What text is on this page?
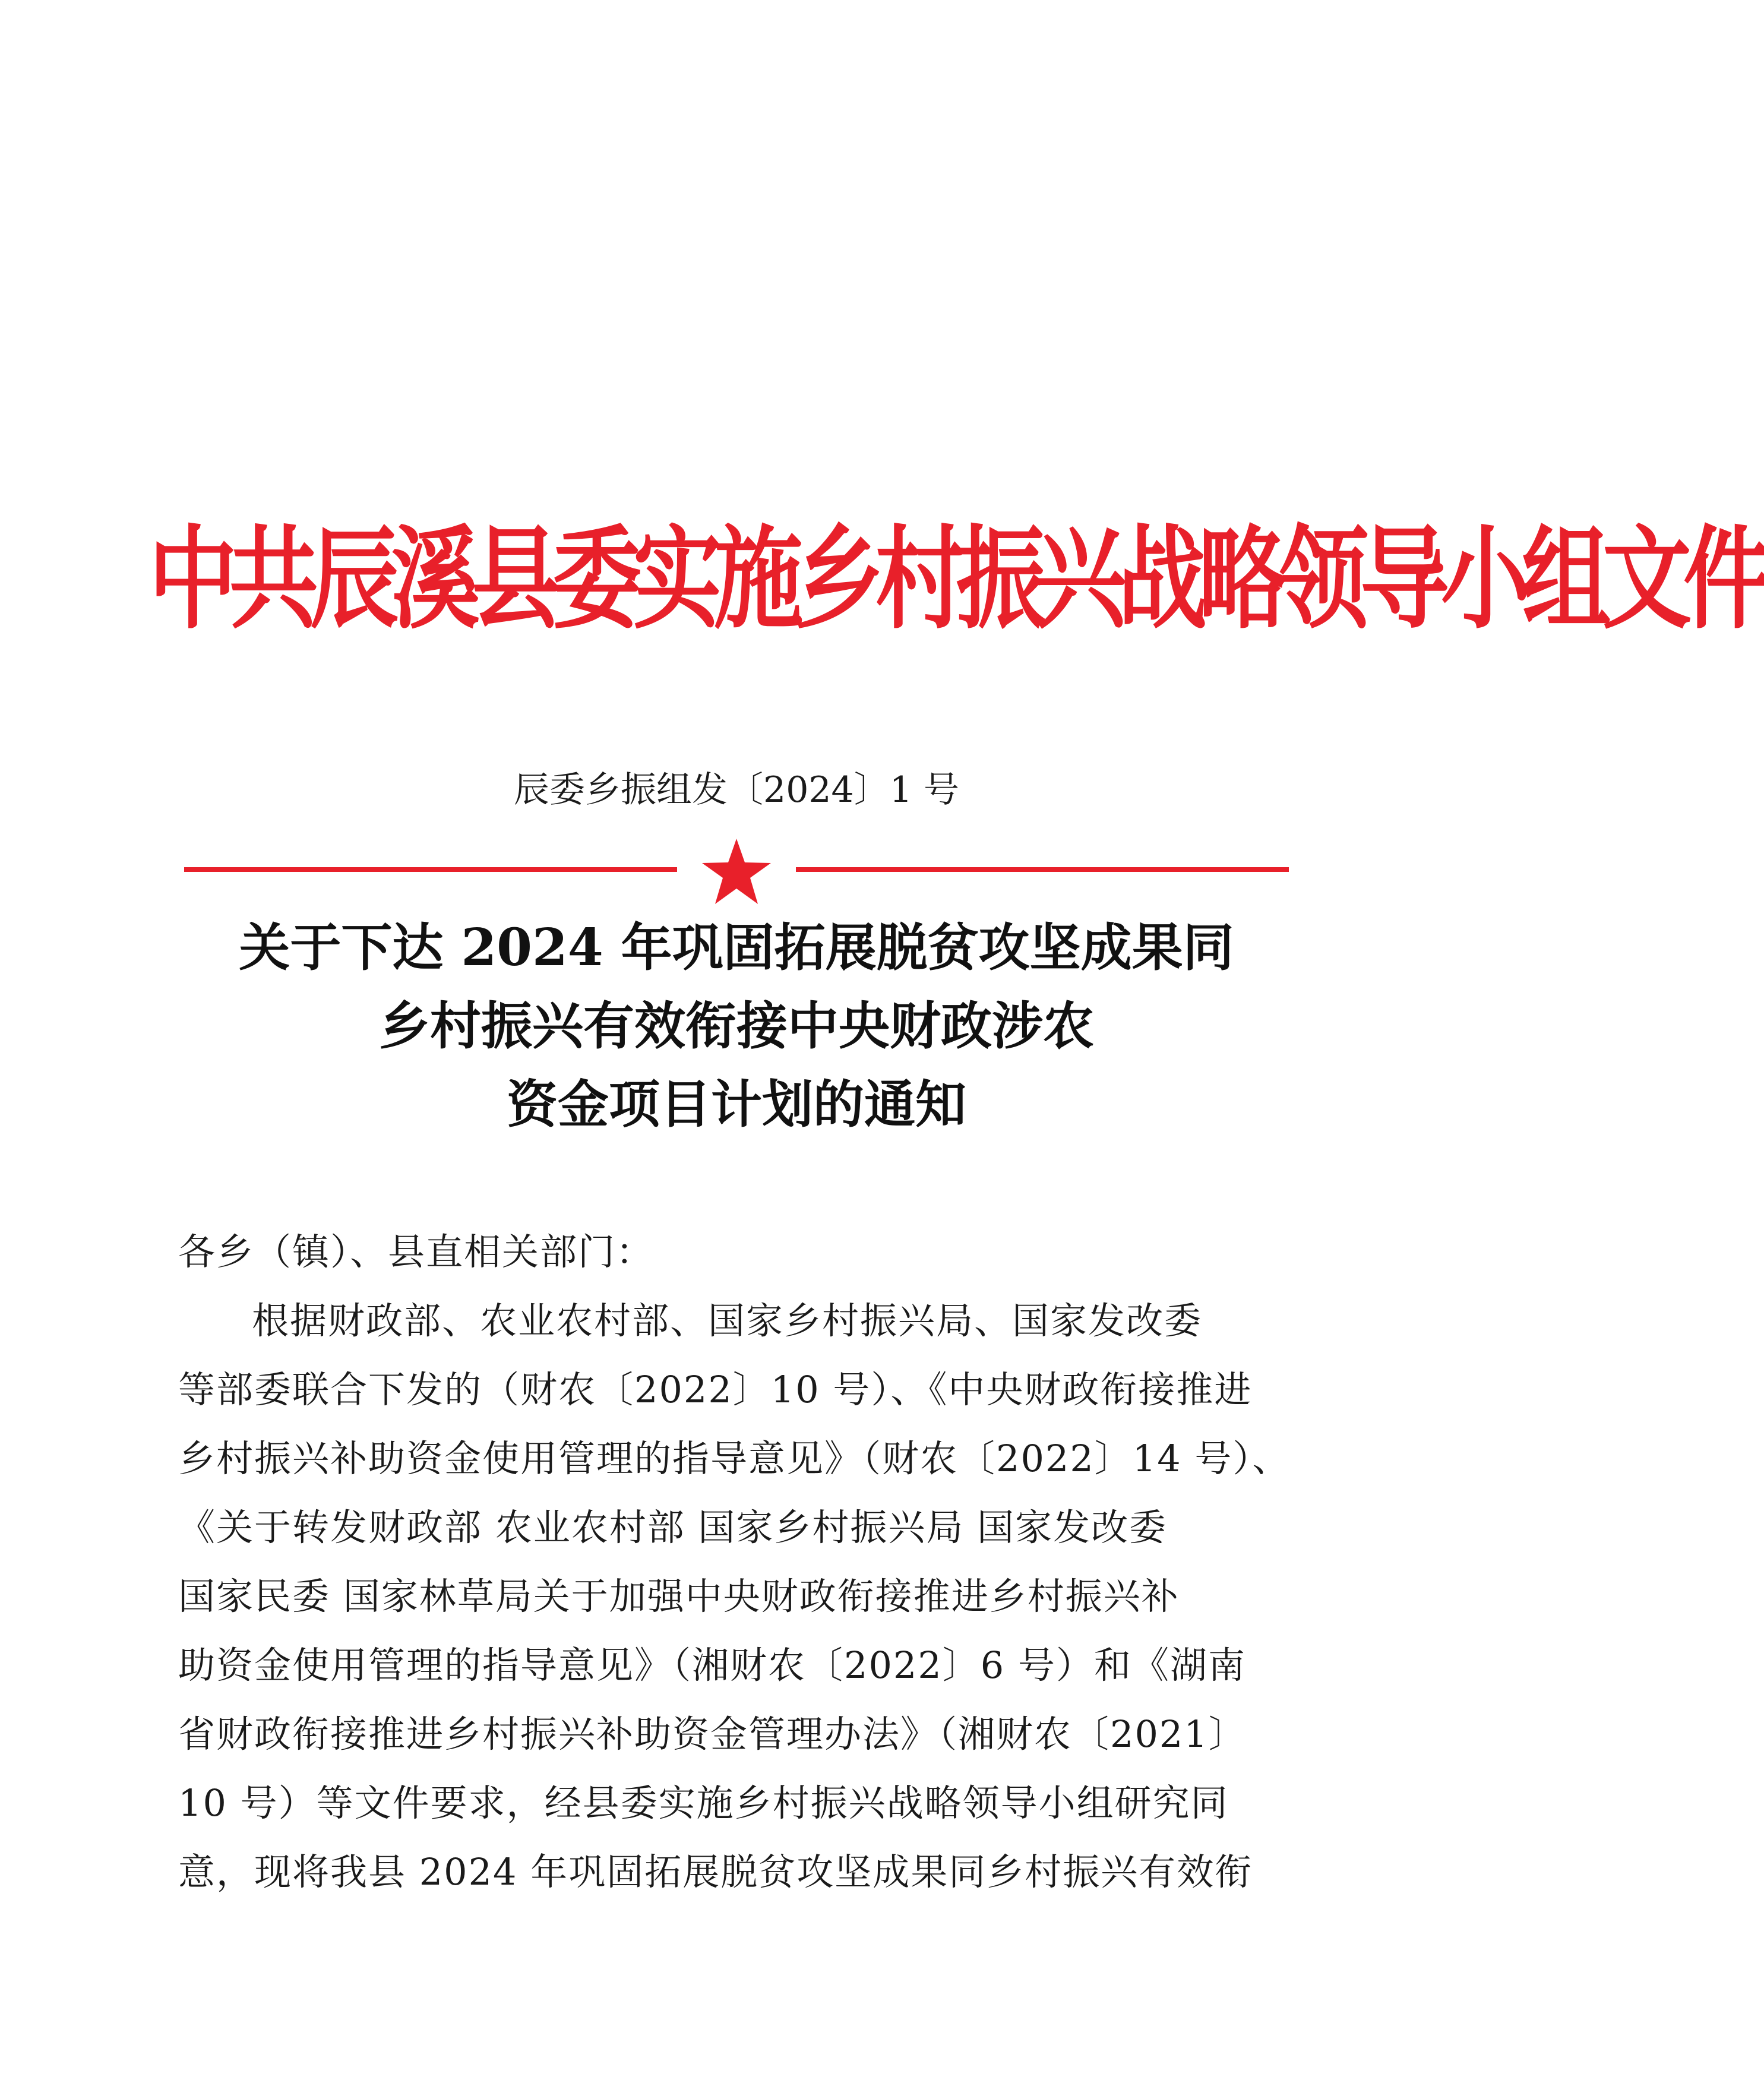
中共辰溪县委实施乡村振兴战略领导小组文件
辰委乡振组发〔2024〕1 号
关于下达 2024 年巩固拓展脱贫攻坚成果同
乡村振兴有效衔接中央财政涉农
资金项目计划的通知
各乡（镇）、县直相关部门：
根据财政部、农业农村部、国家乡村振兴局、国家发改委
等部委联合下发的（财农〔2022〕10 号）、《中央财政衔接推进
乡村振兴补助资金使用管理的指导意见》（财农〔2022〕14 号）、
《关于转发财政部 农业农村部 国家乡村振兴局 国家发改委
国家民委 国家林草局关于加强中央财政衔接推进乡村振兴补
助资金使用管理的指导意见》（湘财农〔2022〕6 号）和《湖南
省财政衔接推进乡村振兴补助资金管理办法》（湘财农〔2021〕
10 号）等文件要求，经县委实施乡村振兴战略领导小组研究同
意，现将我县 2024 年巩固拓展脱贫攻坚成果同乡村振兴有效衔
